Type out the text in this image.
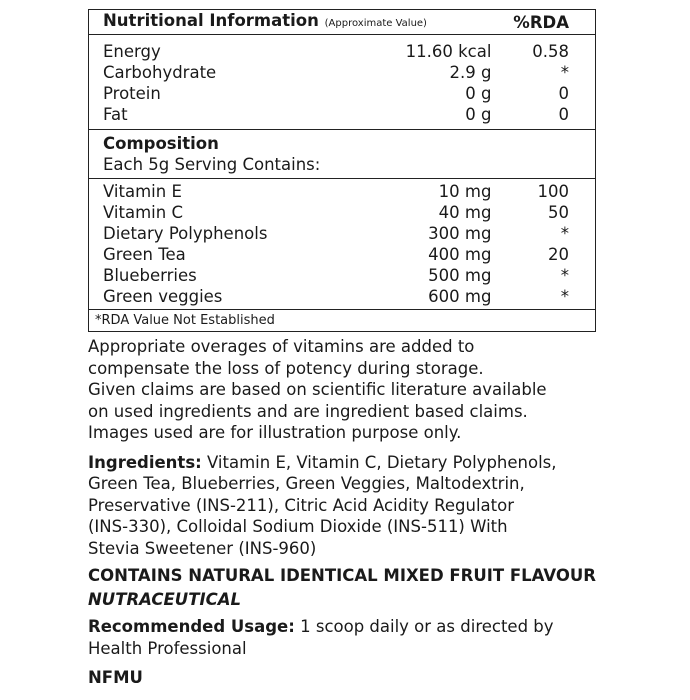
Nutritional Information (Approximate Value)		%RDA
Energy	11.60 kcal	0.58
Carbohydrate	2.9 g	*
Protein	0 g	0
Fat	0 g	0
Composition		
Each 5g Serving Contains:		
Vitamin E	10 mg	100
Vitamin C	40 mg	50
Dietary Polyphenols	300 mg	*
Green Tea	400 mg	20
Blueberries	500 mg	*
Green veggies	600 mg	*
*RDA Value Not Established		

Appropriate overages of vitamins are added to

compensate the loss of potency during storage.

Given claims are based on scientific literature available

on used ingredients and are ingredient based claims.

Images used are for illustration purpose only.

Ingredients: Vitamin E, Vitamin C, Dietary Polyphenols,

Green Tea, Blueberries, Green Veggies, Maltodextrin,

Preservative (INS-211), Citric Acid Acidity Regulator

(INS-330), Colloidal Sodium Dioxide (INS-511) With

Stevia Sweetener (INS-960)

CONTAINS NATURAL IDENTICAL MIXED FRUIT FLAVOUR

NUTRACEUTICAL

Recommended Usage: 1 scoop daily or as directed by

Health Professional

NFMU
